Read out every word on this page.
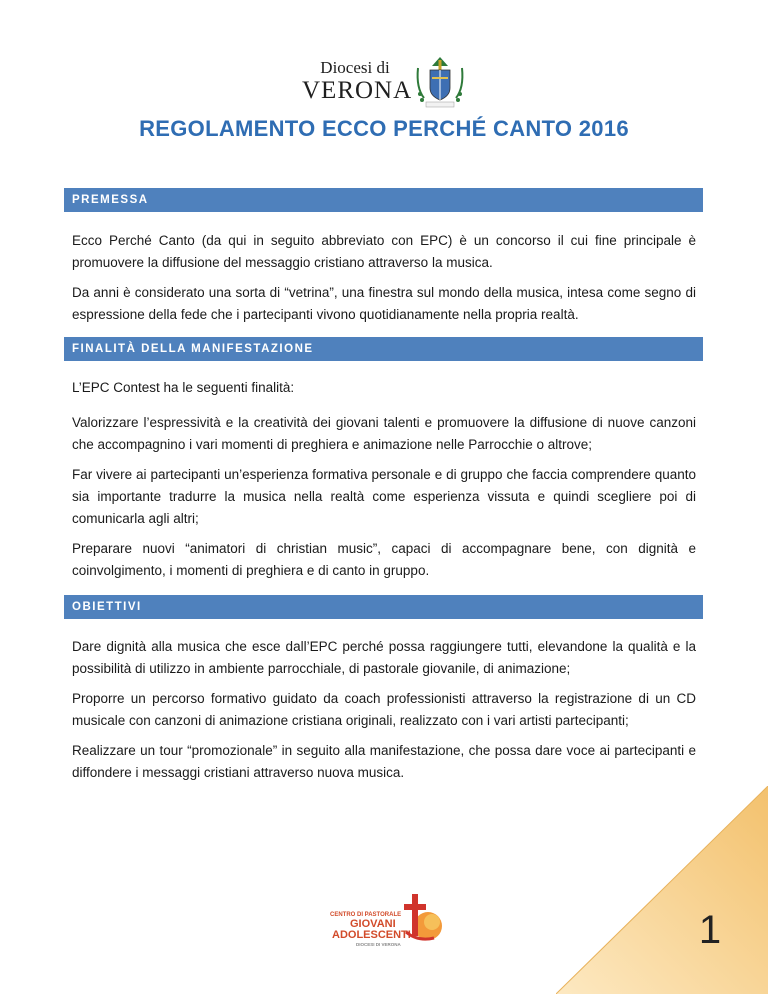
Diocesi di
VERONA
REGOLAMENTO ECCO PERCHÉ CANTO 2016
PREMESSA

Ecco Perché Canto (da qui in seguito abbreviato con EPC) è un concorso il cui fine principale è promuovere la diffusione del messaggio cristiano attraverso la musica.

Da anni è considerato una sorta di “vetrina”, una finestra sul mondo della musica, intesa come segno di espressione della fede che i partecipanti vivono quotidianamente nella propria realtà.

FINALITÀ DELLA MANIFESTAZIONE

L’EPC Contest ha le seguenti finalità:

Valorizzare l’espressività e la creatività dei giovani talenti e promuovere la diffusione di nuove canzoni che accompagnino i vari momenti di preghiera e animazione nelle Parrocchie o altrove;

Far vivere ai partecipanti un’esperienza formativa personale e di gruppo che faccia comprendere quanto sia importante tradurre la musica nella realtà come esperienza vissuta e quindi scegliere poi di comunicarla agli altri;

Preparare nuovi “animatori di christian music”, capaci di accompagnare bene, con dignità e coinvolgimento, i momenti di preghiera e di canto in gruppo.

OBIETTIVI

Dare dignità alla musica che esce dall’EPC perché possa raggiungere tutti, elevandone la qualità e la possibilità di utilizzo in ambiente parrocchiale, di pastorale giovanile, di animazione;

Proporre un percorso formativo guidato da coach professionisti attraverso la registrazione di un CD musicale con canzoni di animazione cristiana originali, realizzato con i vari artisti partecipanti;

Realizzare un tour “promozionale” in seguito alla manifestazione, che possa dare voce ai partecipanti e diffondere i messaggi cristiani attraverso nuova musica.

1
CENTRO DI PASTORALE
GIOVANI
ADOLESCENTI
DIOCESI DI VERONA
